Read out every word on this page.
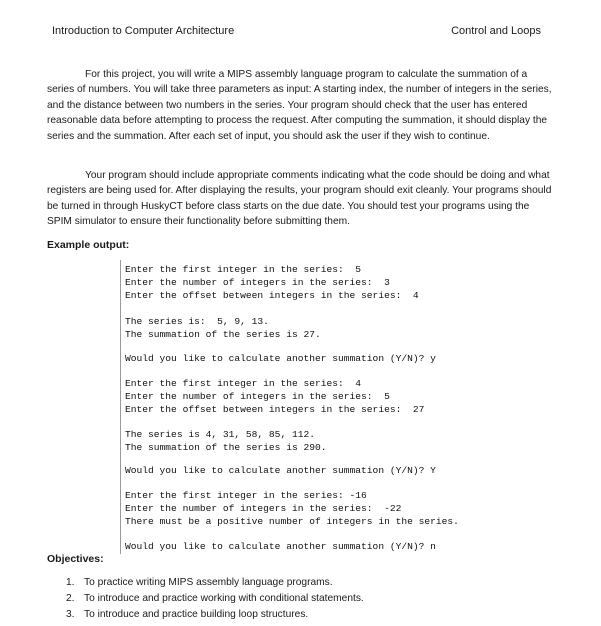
Introduction to Computer Architecture	Control and Loops

For this project, you will write a MIPS assembly language program to calculate the summation of a series of numbers. You will take three parameters as input: A starting index, the number of integers in the series, and the distance between two numbers in the series. Your program should check that the user has entered reasonable data before attempting to process the request. After computing the summation, it should display the series and the summation. After each set of input, you should ask the user if they wish to continue.

Your program should include appropriate comments indicating what the code should be doing and what registers are being used for. After displaying the results, your program should exit cleanly. Your programs should be turned in through HuskyCT before class starts on the due date. You should test your programs using the SPIM simulator to ensure their functionality before submitting them.

Example output:
Enter the first integer in the series:  5
Enter the number of integers in the series:  3
Enter the offset between integers in the series:  4
The series is:  5, 9, 13.
The summation of the series is 27.
Would you like to calculate another summation (Y/N)? y
Enter the first integer in the series:  4
Enter the number of integers in the series:  5
Enter the offset between integers in the series:  27
The series is 4, 31, 58, 85, 112.
The summation of the series is 290.
Would you like to calculate another summation (Y/N)? Y
Enter the first integer in the series: -16
Enter the number of integers in the series:  -22
There must be a positive number of integers in the series.
Would you like to calculate another summation (Y/N)? n
Objectives:
1. To practice writing MIPS assembly language programs.
2. To introduce and practice working with conditional statements.
3. To introduce and practice building loop structures.
